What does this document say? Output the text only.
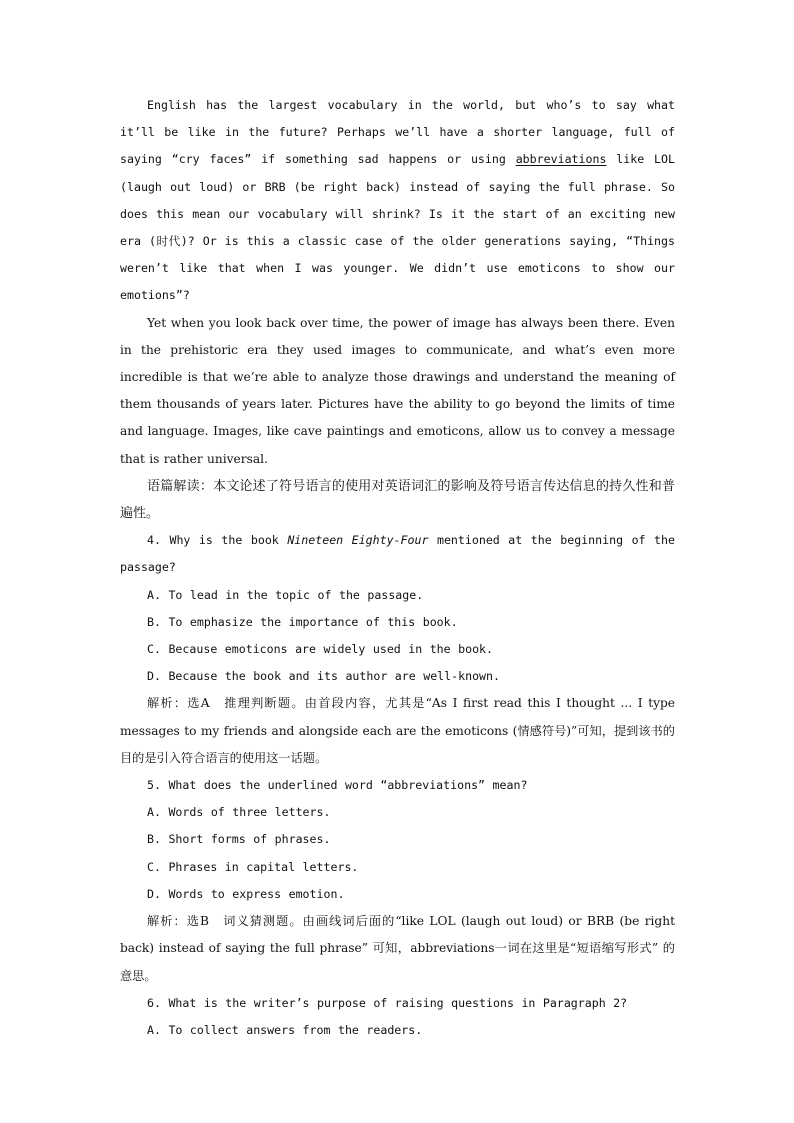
English has the largest vocabulary in the world, but who’s to say what it’ll be like in the future? Perhaps we’ll have a shorter language, full of saying “cry faces” if something sad happens or using abbreviations like LOL (laugh out loud) or BRB (be right back) instead of saying the full phrase. So does this mean our vocabulary will shrink? Is it the start of an exciting new era (时代)? Or is this a classic case of the older generations saying, “Things weren’t like that when I was younger. We didn’t use emoticons to show our emotions”?

Yet when you look back over time, the power of image has always been there. Even in the prehistoric era they used images to communicate, and what’s even more incredible is that we’re able to analyze those drawings and understand the meaning of them thousands of years later. Pictures have the ability to go beyond the limits of time and language. Images, like cave paintings and emoticons, allow us to convey a message that is rather universal.

语篇解读：本文论述了符号语言的使用对英语词汇的影响及符号语言传达信息的持久性和普遍性。

4. Why is the book Nineteen Eighty-Four mentioned at the beginning of the passage?

A. To lead in the topic of the passage.

B. To emphasize the importance of this book.

C. Because emoticons are widely used in the book.

D. Because the book and its author are well-known.

解析：选A　推理判断题。由首段内容，尤其是“As I first read this I thought ... I type messages to my friends and alongside each are the emoticons (情感符号)”可知，提到该书的目的是引入符合语言的使用这一话题。

5. What does the underlined word “abbreviations” mean?

A. Words of three letters.

B. Short forms of phrases.

C. Phrases in capital letters.

D. Words to express emotion.

解析：选B　词义猜测题。由画线词后面的“like LOL (laugh out loud) or BRB (be right back) instead of saying the full phrase” 可知，abbreviations一词在这里是“短语缩写形式” 的意思。

6. What is the writer’s purpose of raising questions in Paragraph 2?

A. To collect answers from the readers.
